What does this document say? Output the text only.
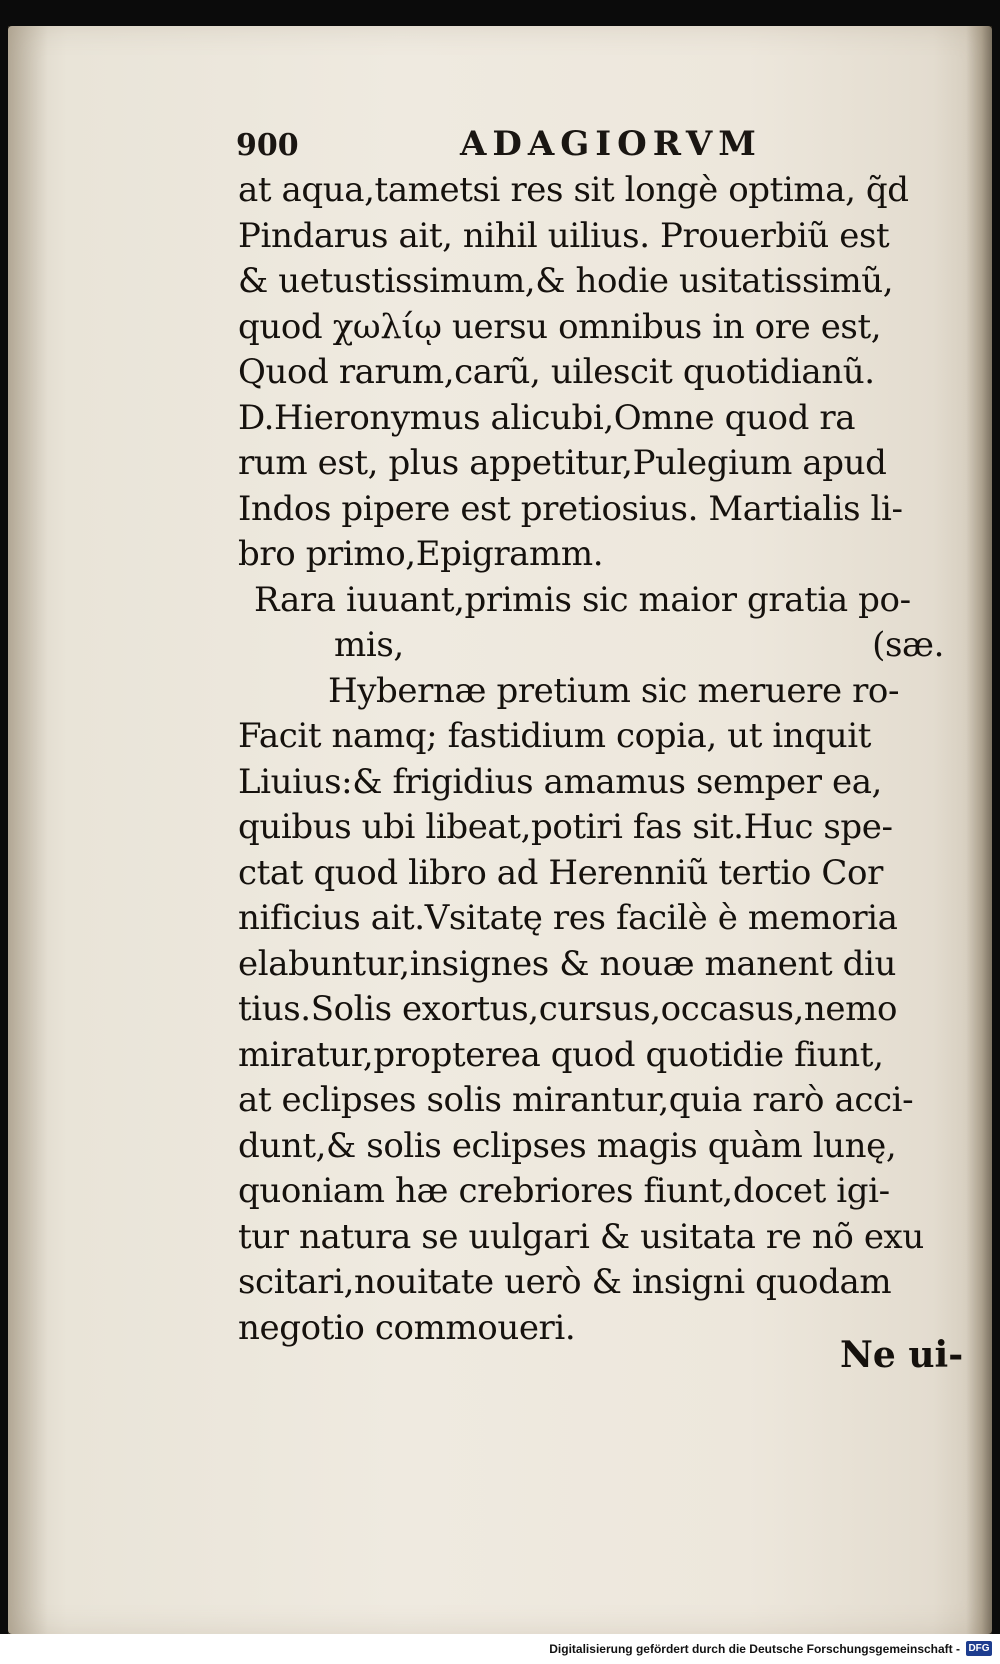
900	ADAGIORVM
at aqua,tametsi res sit longè optima, q̃d
Pindarus ait, nihil uilius. Prouerbiũ est
& uetustissimum,& hodie usitatissimũ,
quod χωλίῳ uersu omnibus in ore est,
Quod rarum,carũ, uilescit quotidianũ.
D.Hieronymus alicubi,Omne quod ra
rum est, plus appetitur,Pulegium apud
Indos pipere est pretiosius. Martialis li-
bro primo,Epigramm.
Rara iuuant,primis sic maior gratia po-
mis,	(sæ.
Hybernæ pretium sic meruere ro-
Facit namq; fastidium copia, ut inquit
Liuius:& frigidius amamus semper ea,
quibus ubi libeat,potiri fas sit.Huc spe-
ctat quod libro ad Herenniũ tertio Cor
nificius ait.Vsitatę res facilè è memoria
elabuntur,insignes & nouæ manent diu
tius.Solis exortus,cursus,occasus,nemo
miratur,propterea quod quotidie fiunt,
at eclipses solis mirantur,quia rarò acci-
dunt,& solis eclipses magis quàm lunę,
quoniam hæ crebriores fiunt,docet igi-
tur natura se uulgari & usitata re nõ exu
scitari,nouitate uerò & insigni quodam
negotio commoueri.
Ne ui-
Digitalisierung gefördert durch die Deutsche Forschungsgemeinschaft - DFG
